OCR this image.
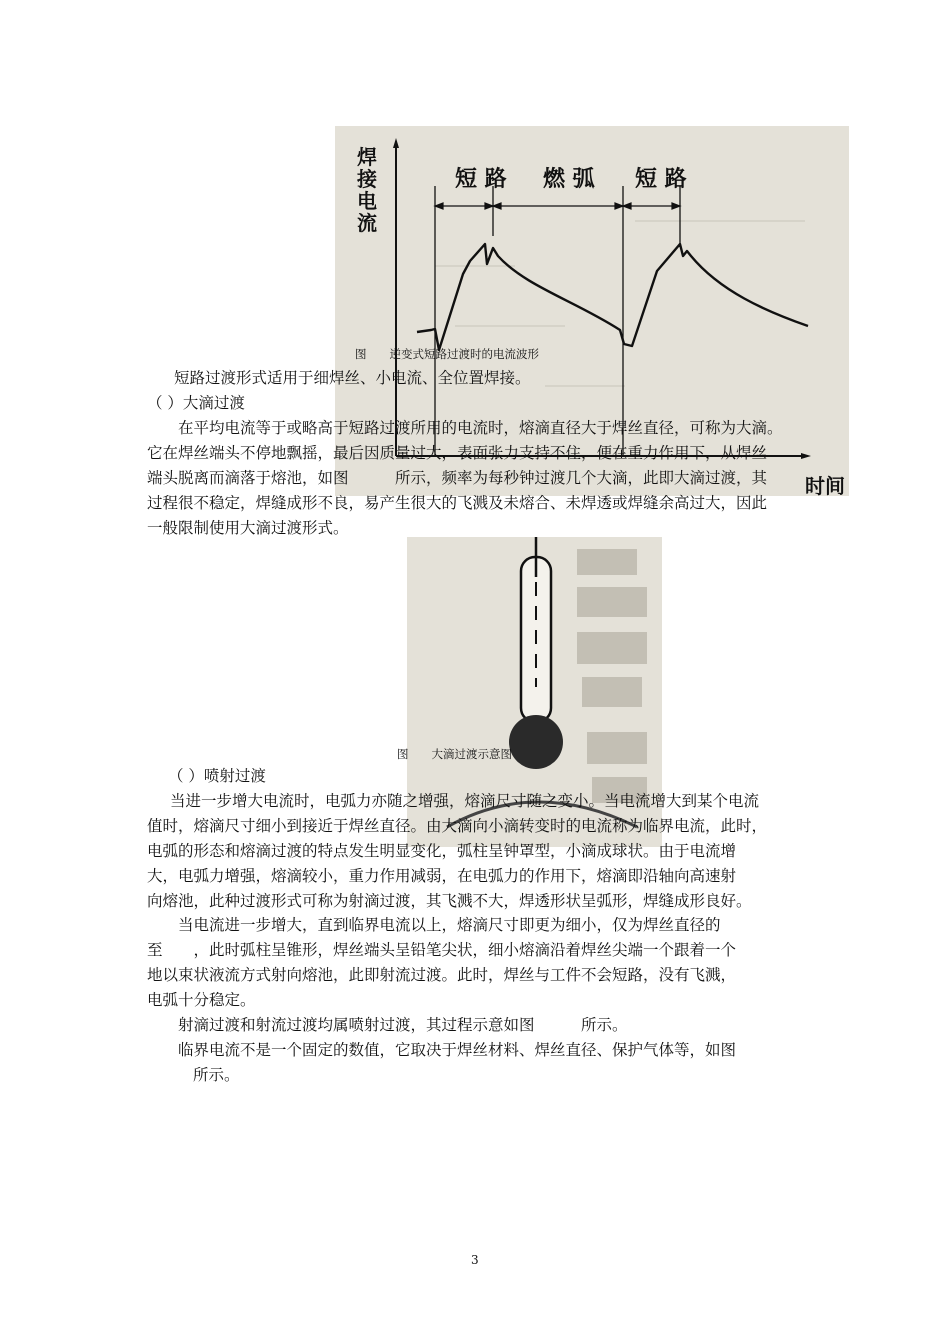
焊接电流
短 路 燃 弧 短 路
时间
图　　逆变式短路过渡时的电流波形
短路过渡形式适用于细焊丝、小电流、全位置焊接。
（ ）大滴过渡
在平均电流等于或略高于短路过渡所用的电流时，熔滴直径大于焊丝直径，可称为大滴。
它在焊丝端头不停地飘摇，最后因质量过大，表面张力支持不住，便在重力作用下，从焊丝
端头脱离而滴落于熔池，如图　　　所示，频率为每秒钟过渡几个大滴，此即大滴过渡，其
过程很不稳定，焊缝成形不良，易产生很大的飞溅及未熔合、未焊透或焊缝余高过大，因此
一般限制使用大滴过渡形式。
图　　大滴过渡示意图
（ ）喷射过渡
当进一步增大电流时，电弧力亦随之增强，熔滴尺寸随之变小。当电流增大到某个电流
值时，熔滴尺寸细小到接近于焊丝直径。由大滴向小滴转变时的电流称为临界电流，此时，
电弧的形态和熔滴过渡的特点发生明显变化，弧柱呈钟罩型，小滴成球状。由于电流增
大，电弧力增强，熔滴较小，重力作用减弱，在电弧力的作用下，熔滴即沿轴向高速射
向熔池，此种过渡形式可称为射滴过渡，其飞溅不大，焊透形状呈弧形，焊缝成形良好。
当电流进一步增大，直到临界电流以上，熔滴尺寸即更为细小，仅为焊丝直径的
至　　，此时弧柱呈锥形，焊丝端头呈铅笔尖状，细小熔滴沿着焊丝尖端一个跟着一个
地以束状液流方式射向熔池，此即射流过渡。此时，焊丝与工件不会短路，没有飞溅，
电弧十分稳定。
射滴过渡和射流过渡均属喷射过渡，其过程示意如图　　　所示。
临界电流不是一个固定的数值，它取决于焊丝材料、焊丝直径、保护气体等，如图
所示。
3
